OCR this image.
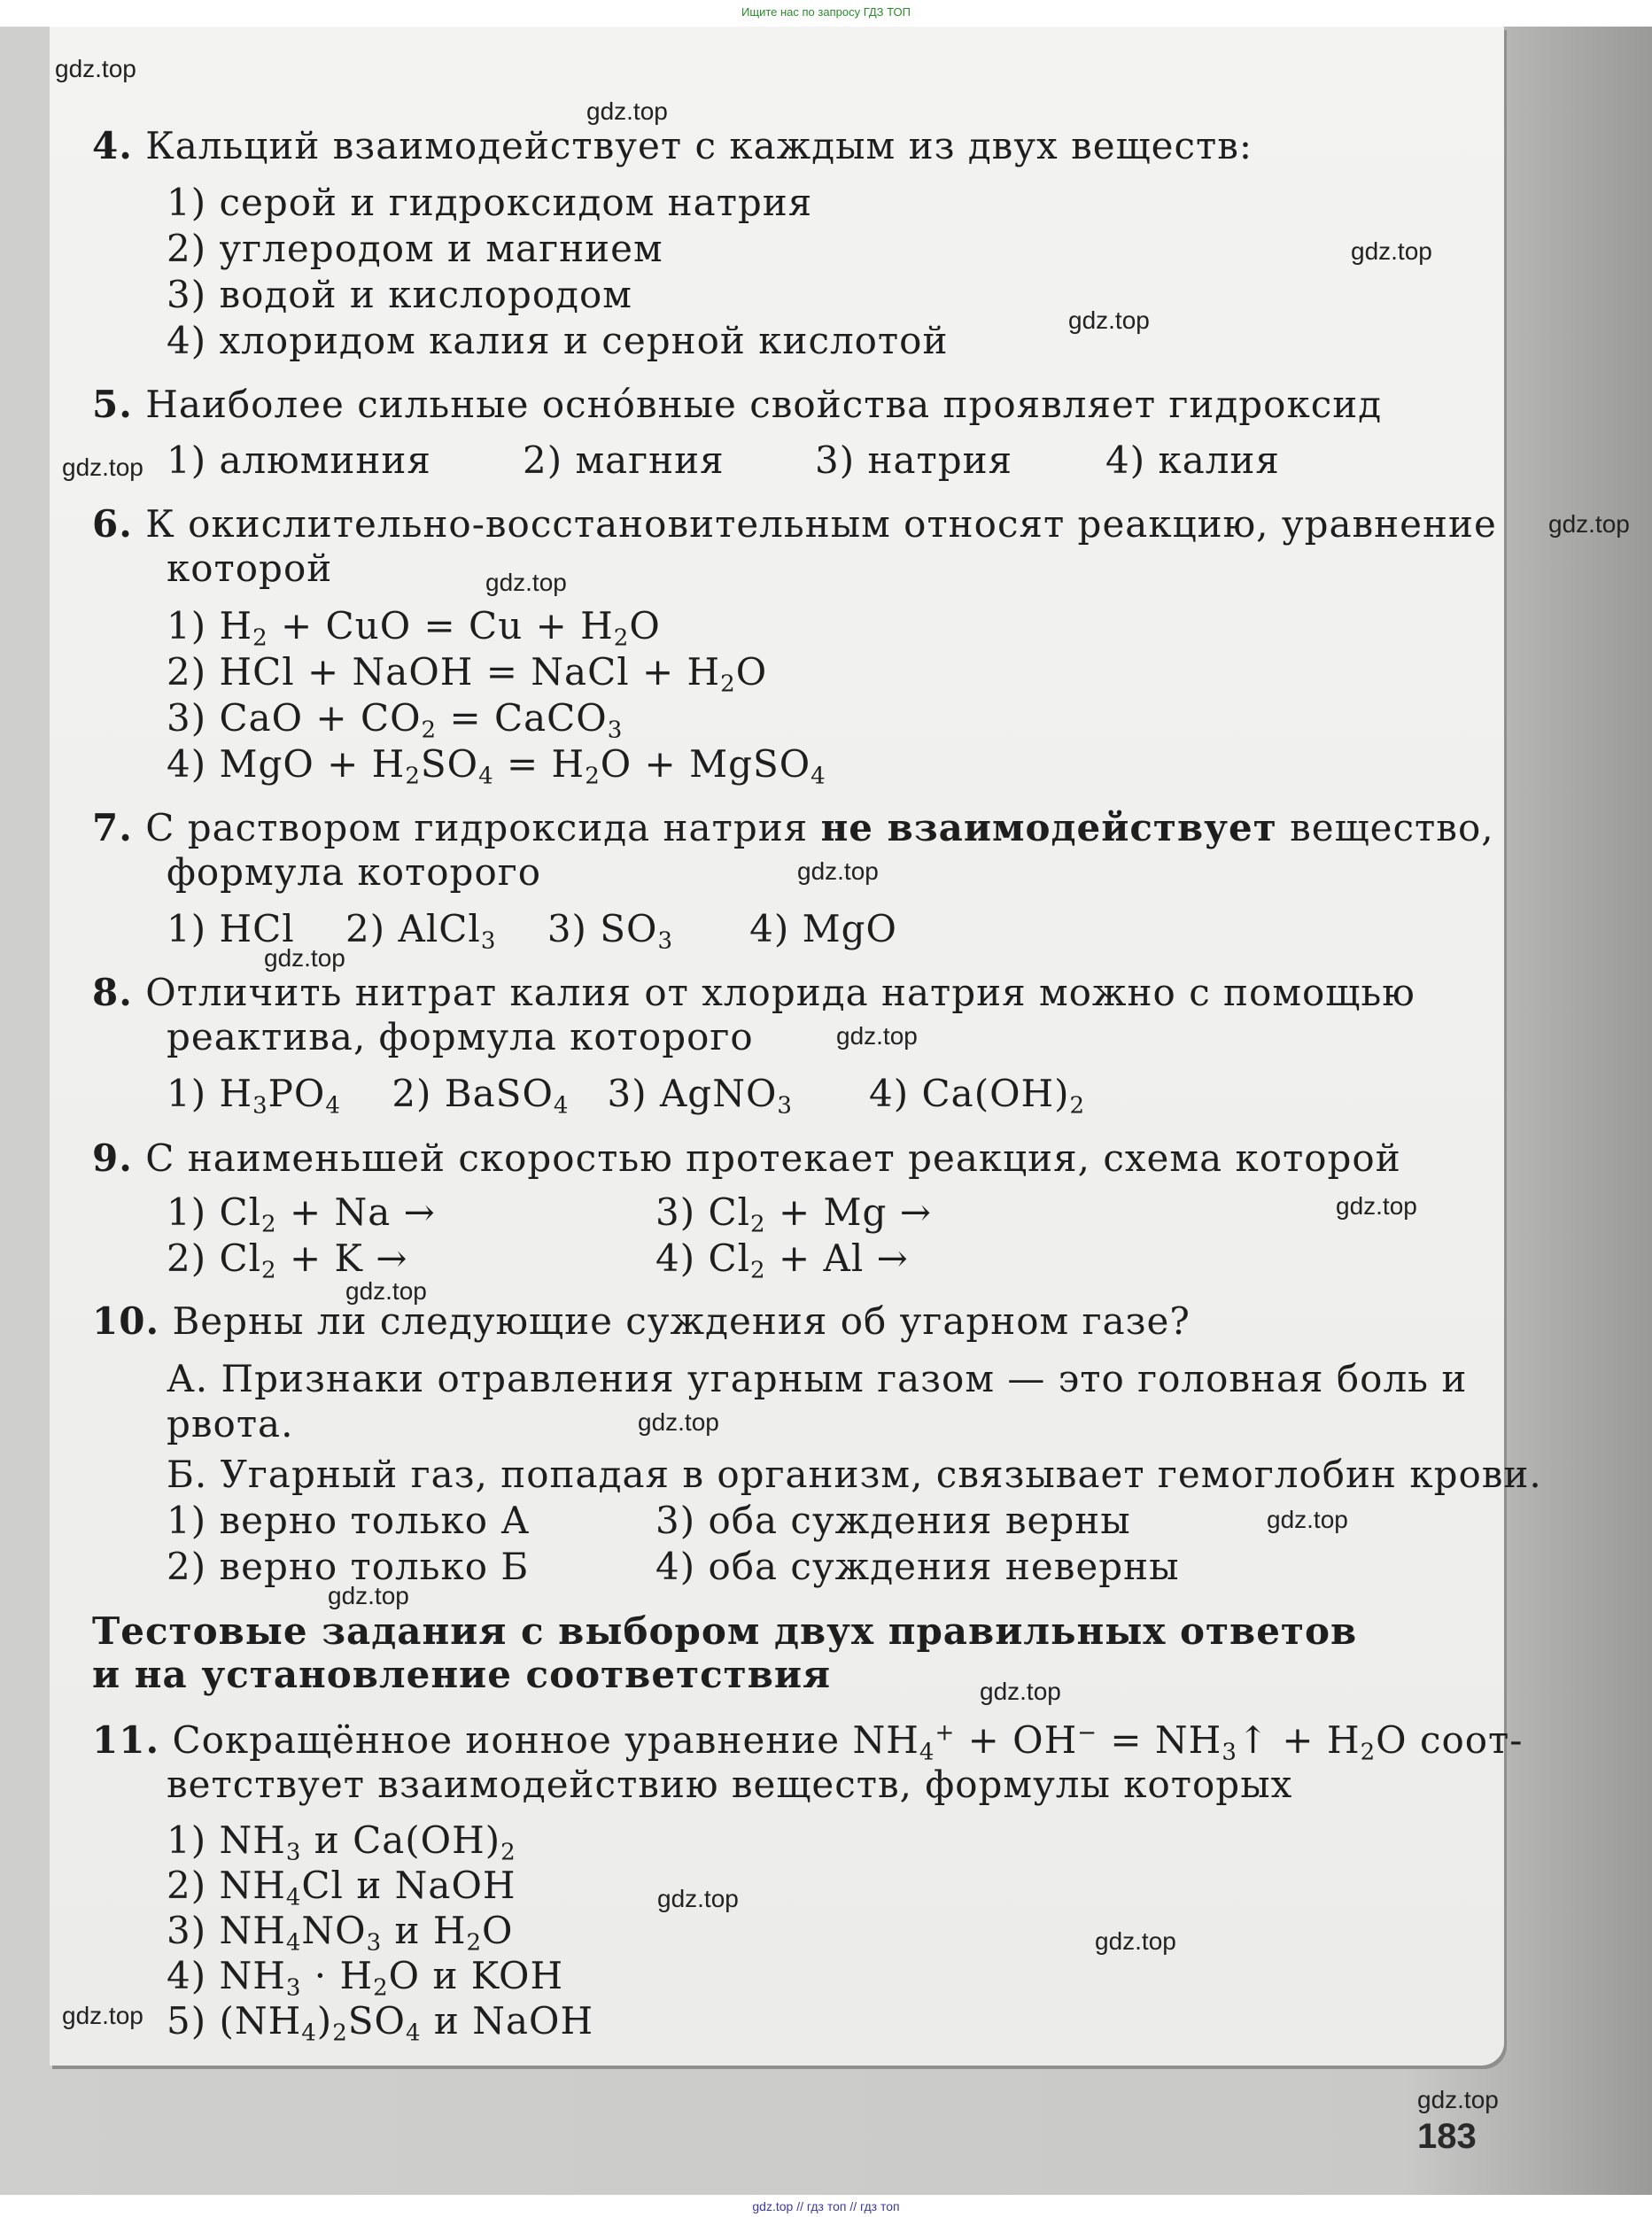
Ищите нас по запросу ГДЗ ТОП
4. Кальций взаимодействует с каждым из двух веществ:
1) серой и гидроксидом натрия
2) углеродом и магнием
3) водой и кислородом
4) хлоридом калия и серной кислотой
5. Наиболее сильные осно́вные свойства проявляет гидроксид
1) алюминия 2) магния 3) натрия 4) калия
6. К окислительно-восстановительным относят реакцию, уравнение
которой
1) $H_2$ + CuO = $Cu + H_2O$
2) HCl + NaOH = NaCl + $H_2O$
3) CaO + $CO_2$ = CaCO$_3$
4) MgO + $H_2SO_4 = H_2O$ + MgSO$_4$
7. С раствором гидроксида натрия не взаимодействует вещество,
формула которого
1) HCl    2) AlCl$_3$    3) $SO_3$      4) MgO
8. Отличить нитрат калия от хлорида натрия можно с помощью
реактива, формула которого
1) $H_3PO_4$    2) BaSO$_4$   3) AgNO$_3$      4) $Ca(OH)_2$
9. С наименьшей скоростью протекает реакция, схема которой
1) $Cl_2 + Na$ →	3) $Cl_2 + Mg$ →
2) $Cl_2 + K$ →	4) $Cl_2 + Al$ →
10. Верны ли следующие суждения об угарном газе?
А. Признаки отравления угарным газом — это головная боль и
рвота.
Б. Угарный газ, попадая в организм, связывает гемоглобин крови.
1) верно только А	3) оба суждения верны
2) верно только Б	4) оба суждения неверны
Тестовые задания с выбором двух правильных ответов
и на установление соответствия
11. Сокращённое ионное уравнение $NH_4^+ + OH^-$ = $NH_3↑ + H_2O$ соот-
ветствует взаимодействию веществ, формулы которых
1) $NH_3$ и $Ca(OH)_2$
2) $NH_4Cl$ и NaOH
3) $NH_4NO_3$ и $H_2O$
4) $NH_3 \cdot H_2O$ и KOH
5) $(NH_4)_2SO_4$ и NaOH
gdz.top
gdz.top
gdz.top
gdz.top
gdz.top
gdz.top
gdz.top
gdz.top
gdz.top
gdz.top
gdz.top
gdz.top
gdz.top
gdz.top
gdz.top
gdz.top
gdz.top
gdz.top
gdz.top
gdz.top
183
gdz.top // гдз топ // гдз топ
